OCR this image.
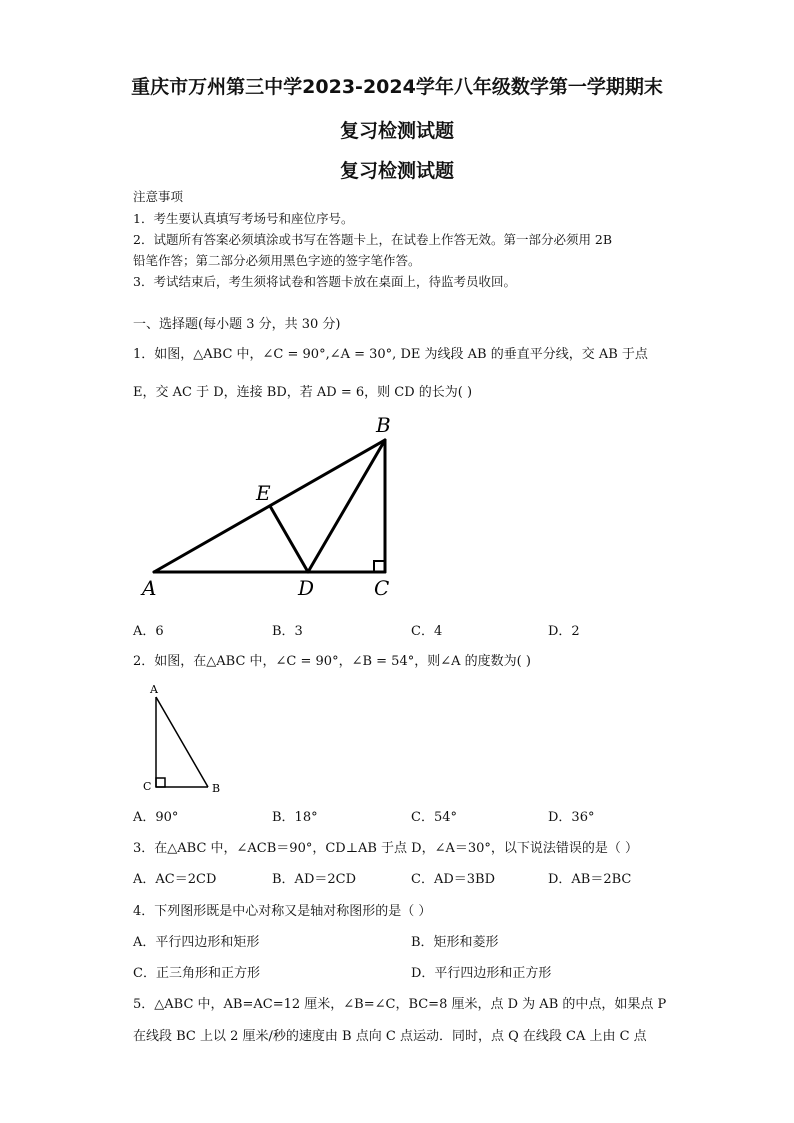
重庆市万州第三中学2023-2024学年八年级数学第一学期期末
复习检测试题
复习检测试题
注意事项
1．考生要认真填写考场号和座位序号。
2．试题所有答案必须填涂或书写在答题卡上，在试卷上作答无效。第一部分必须用 2B
铅笔作答；第二部分必须用黑色字迹的签字笔作答。
3．考试结束后，考生须将试卷和答题卡放在桌面上，待监考员收回。
一、选择题(每小题 3 分，共 30 分)
1．如图，△ABC 中，∠C = 90°,∠A = 30°, DE 为线段 AB 的垂直平分线，交 AB 于点
E，交 AC 于 D，连接 BD，若 AD = 6，则 CD 的长为( )
B
E
A	D	C
A．6	B．3	C．4	D．2
2．如图，在△ABC 中，∠C = 90°，∠B = 54°，则∠A 的度数为( )
A
C	B
A．90°	B．18°	C．54°	D．36°
3．在△ABC 中，∠ACB＝90°，CD⊥AB 于点 D，∠A＝30°，以下说法错误的是（ ）
A．AC＝2CD	B．AD＝2CD	C．AD＝3BD	D．AB＝2BC
4．下列图形既是中心对称又是轴对称图形的是（ ）
A．平行四边形和矩形	B．矩形和菱形
C．正三角形和正方形	D．平行四边形和正方形
5．△ABC 中，AB=AC=12 厘米，∠B=∠C，BC=8 厘米，点 D 为 AB 的中点，如果点 P
在线段 BC 上以 2 厘米/秒的速度由 B 点向 C 点运动．同时，点 Q 在线段 CA 上由 C 点
